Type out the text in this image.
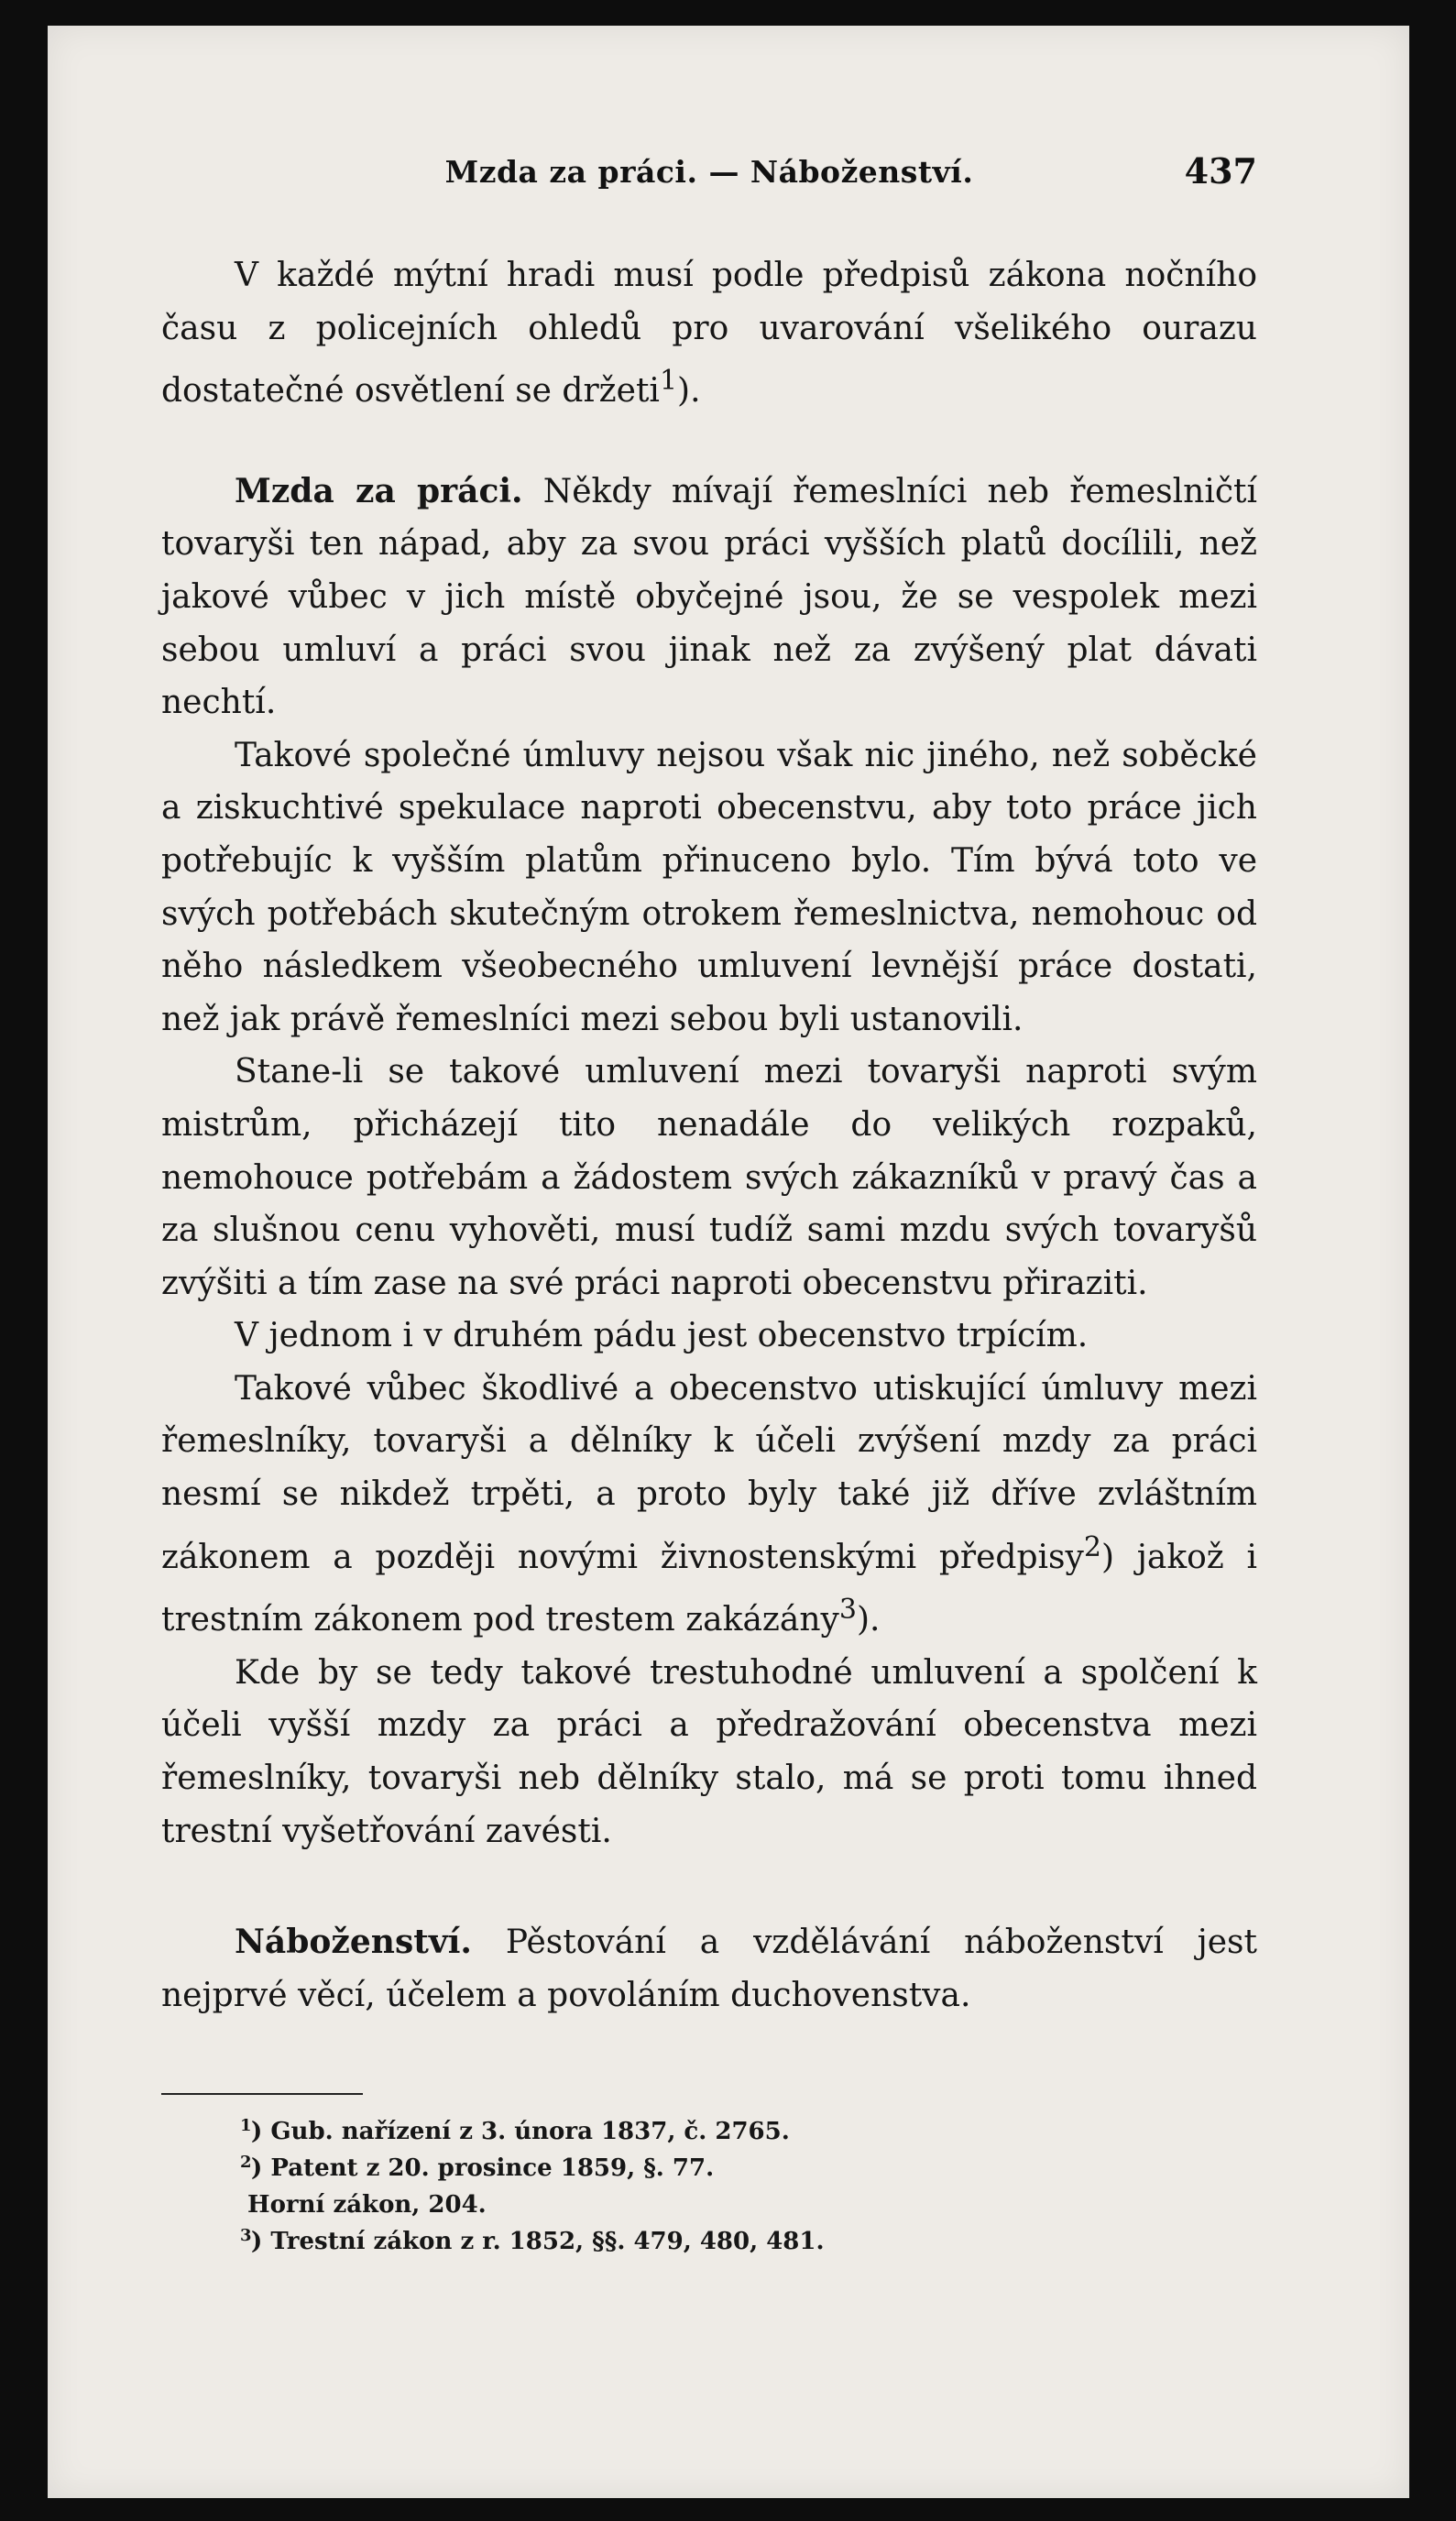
Mzda za práci. — Náboženství.	437

V každé mýtní hradi musí podle předpisů zákona nočního času z policejních ohledů pro uvarování všelikého ourazu dostatečné osvětlení se držeti$^1$).

Mzda za práci. Někdy mívají řemeslníci neb řemeslničtí tovaryši ten nápad, aby za svou práci vyšších platů docílili, než jakové vůbec v jich místě obyčejné jsou, že se vespolek mezi sebou umluví a práci svou jinak než za zvýšený plat dávati nechtí.

Takové společné úmluvy nejsou však nic jiného, než soběcké a ziskuchtivé spekulace naproti obecenstvu, aby toto práce jich potřebujíc k vyšším platům přinuceno bylo. Tím bývá toto ve svých potřebách skutečným otrokem řemeslnictva, nemohouc od něho následkem všeobecného umluvení levnější práce dostati, než jak právě řemeslníci mezi sebou byli ustanovili.

Stane-li se takové umluvení mezi tovaryši naproti svým mistrům, přicházejí tito nenadále do velikých rozpaků, nemohouce potřebám a žádostem svých zákazníků v pravý čas a za slušnou cenu vyhověti, musí tudíž sami mzdu svých tovaryšů zvýšiti a tím zase na své práci naproti obecenstvu přiraziti.

V jednom i v druhém pádu jest obecenstvo trpícím.

Takové vůbec škodlivé a obecenstvo utiskující úmluvy mezi řemeslníky, tovaryši a dělníky k účeli zvýšení mzdy za práci nesmí se nikdež trpěti, a proto byly také již dříve zvláštním zákonem a později novými živnostenskými předpisy$^2$) jakož i trestním zákonem pod trestem zakázány$^3$).

Kde by se tedy takové trestuhodné umluvení a spolčení k účeli vyšší mzdy za práci a předražování obecenstva mezi řemeslníky, tovaryši neb dělníky stalo, má se proti tomu ihned trestní vyšetřování zavésti.

Náboženství. Pěstování a vzdělávání náboženství jest nejprvé věcí, účelem a povoláním duchovenstva.

1 ) Gub. nařízení z 3. února 1837, č. 2765.
2 ) Patent z 20. prosince 1859, §. 77.
Horní zákon, 204.
3 ) Trestní zákon z r. 1852, §§. 479, 480, 481.
